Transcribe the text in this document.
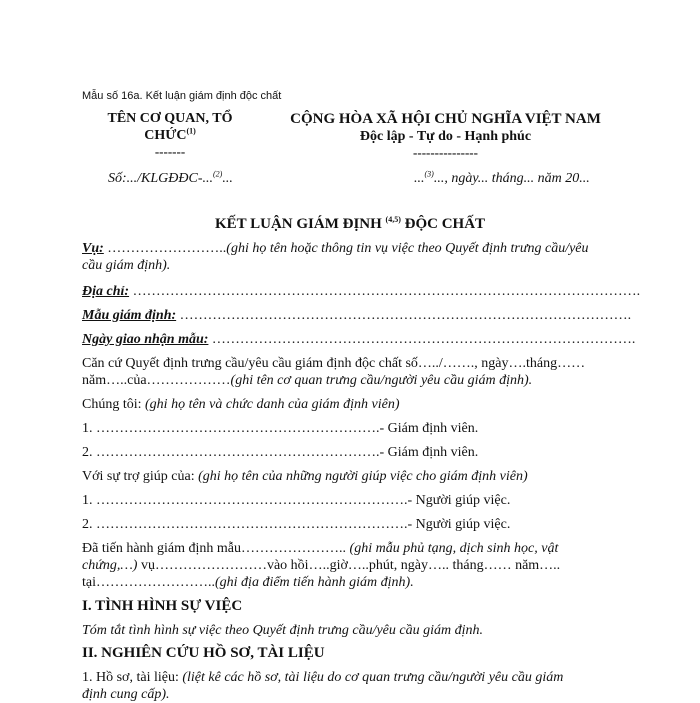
Mẫu số 16a. Kết luận giám định độc chất
TÊN CƠ QUAN, TỔ
CHỨC$^{(1)}$
-------
Số:.../KLGĐĐC-...$^{(2)}$...
CỘNG HÒA XÃ HỘI CHỦ NGHĨA VIỆT NAM
Độc lập - Tự do - Hạnh phúc
---------------
...$^{(3)}$..., ngày... tháng... năm 20...
KẾT LUẬN GIÁM ĐỊNH $^{(4,5)}$ ĐỘC CHẤT
Vụ: ……………………..(ghi họ tên hoặc thông tin vụ việc theo Quyết định trưng cầu/yêu
cầu giám định).
Địa chỉ: ……………………………………………………………………………………………….
Mẫu giám định: …………………………………………………………………………………….
Ngày giao nhận mẫu: ……………………………………………………………………………….
Căn cứ Quyết định trưng cầu/yêu cầu giám định độc chất số…../……., ngày….tháng……
năm…..của………………(ghi tên cơ quan trưng cầu/người yêu cầu giám định).
Chúng tôi: (ghi họ tên và chức danh của giám định viên)
1. …………………………………………………….- Giám định viên.
2. …………………………………………………….- Giám định viên.
Với sự trợ giúp của: (ghi họ tên của những người giúp việc cho giám định viên)
1. ………………………………………………………….- Người giúp việc.
2. ………………………………………………………….- Người giúp việc.
Đã tiến hành giám định mẫu………………….. (ghi mẫu phủ tạng, dịch sinh học, vật
chứng,…) vụ……………………vào hồi…..giờ…..phút, ngày….. tháng…… năm…..
tại……………………..(ghi địa điểm tiến hành giám định).
I. TÌNH HÌNH SỰ VIỆC
Tóm tắt tình hình sự việc theo Quyết định trưng cầu/yêu cầu giám định.
II. NGHIÊN CỨU HỒ SƠ, TÀI LIỆU
1. Hồ sơ, tài liệu: (liệt kê các hồ sơ, tài liệu do cơ quan trưng cầu/người yêu cầu giám
định cung cấp).
